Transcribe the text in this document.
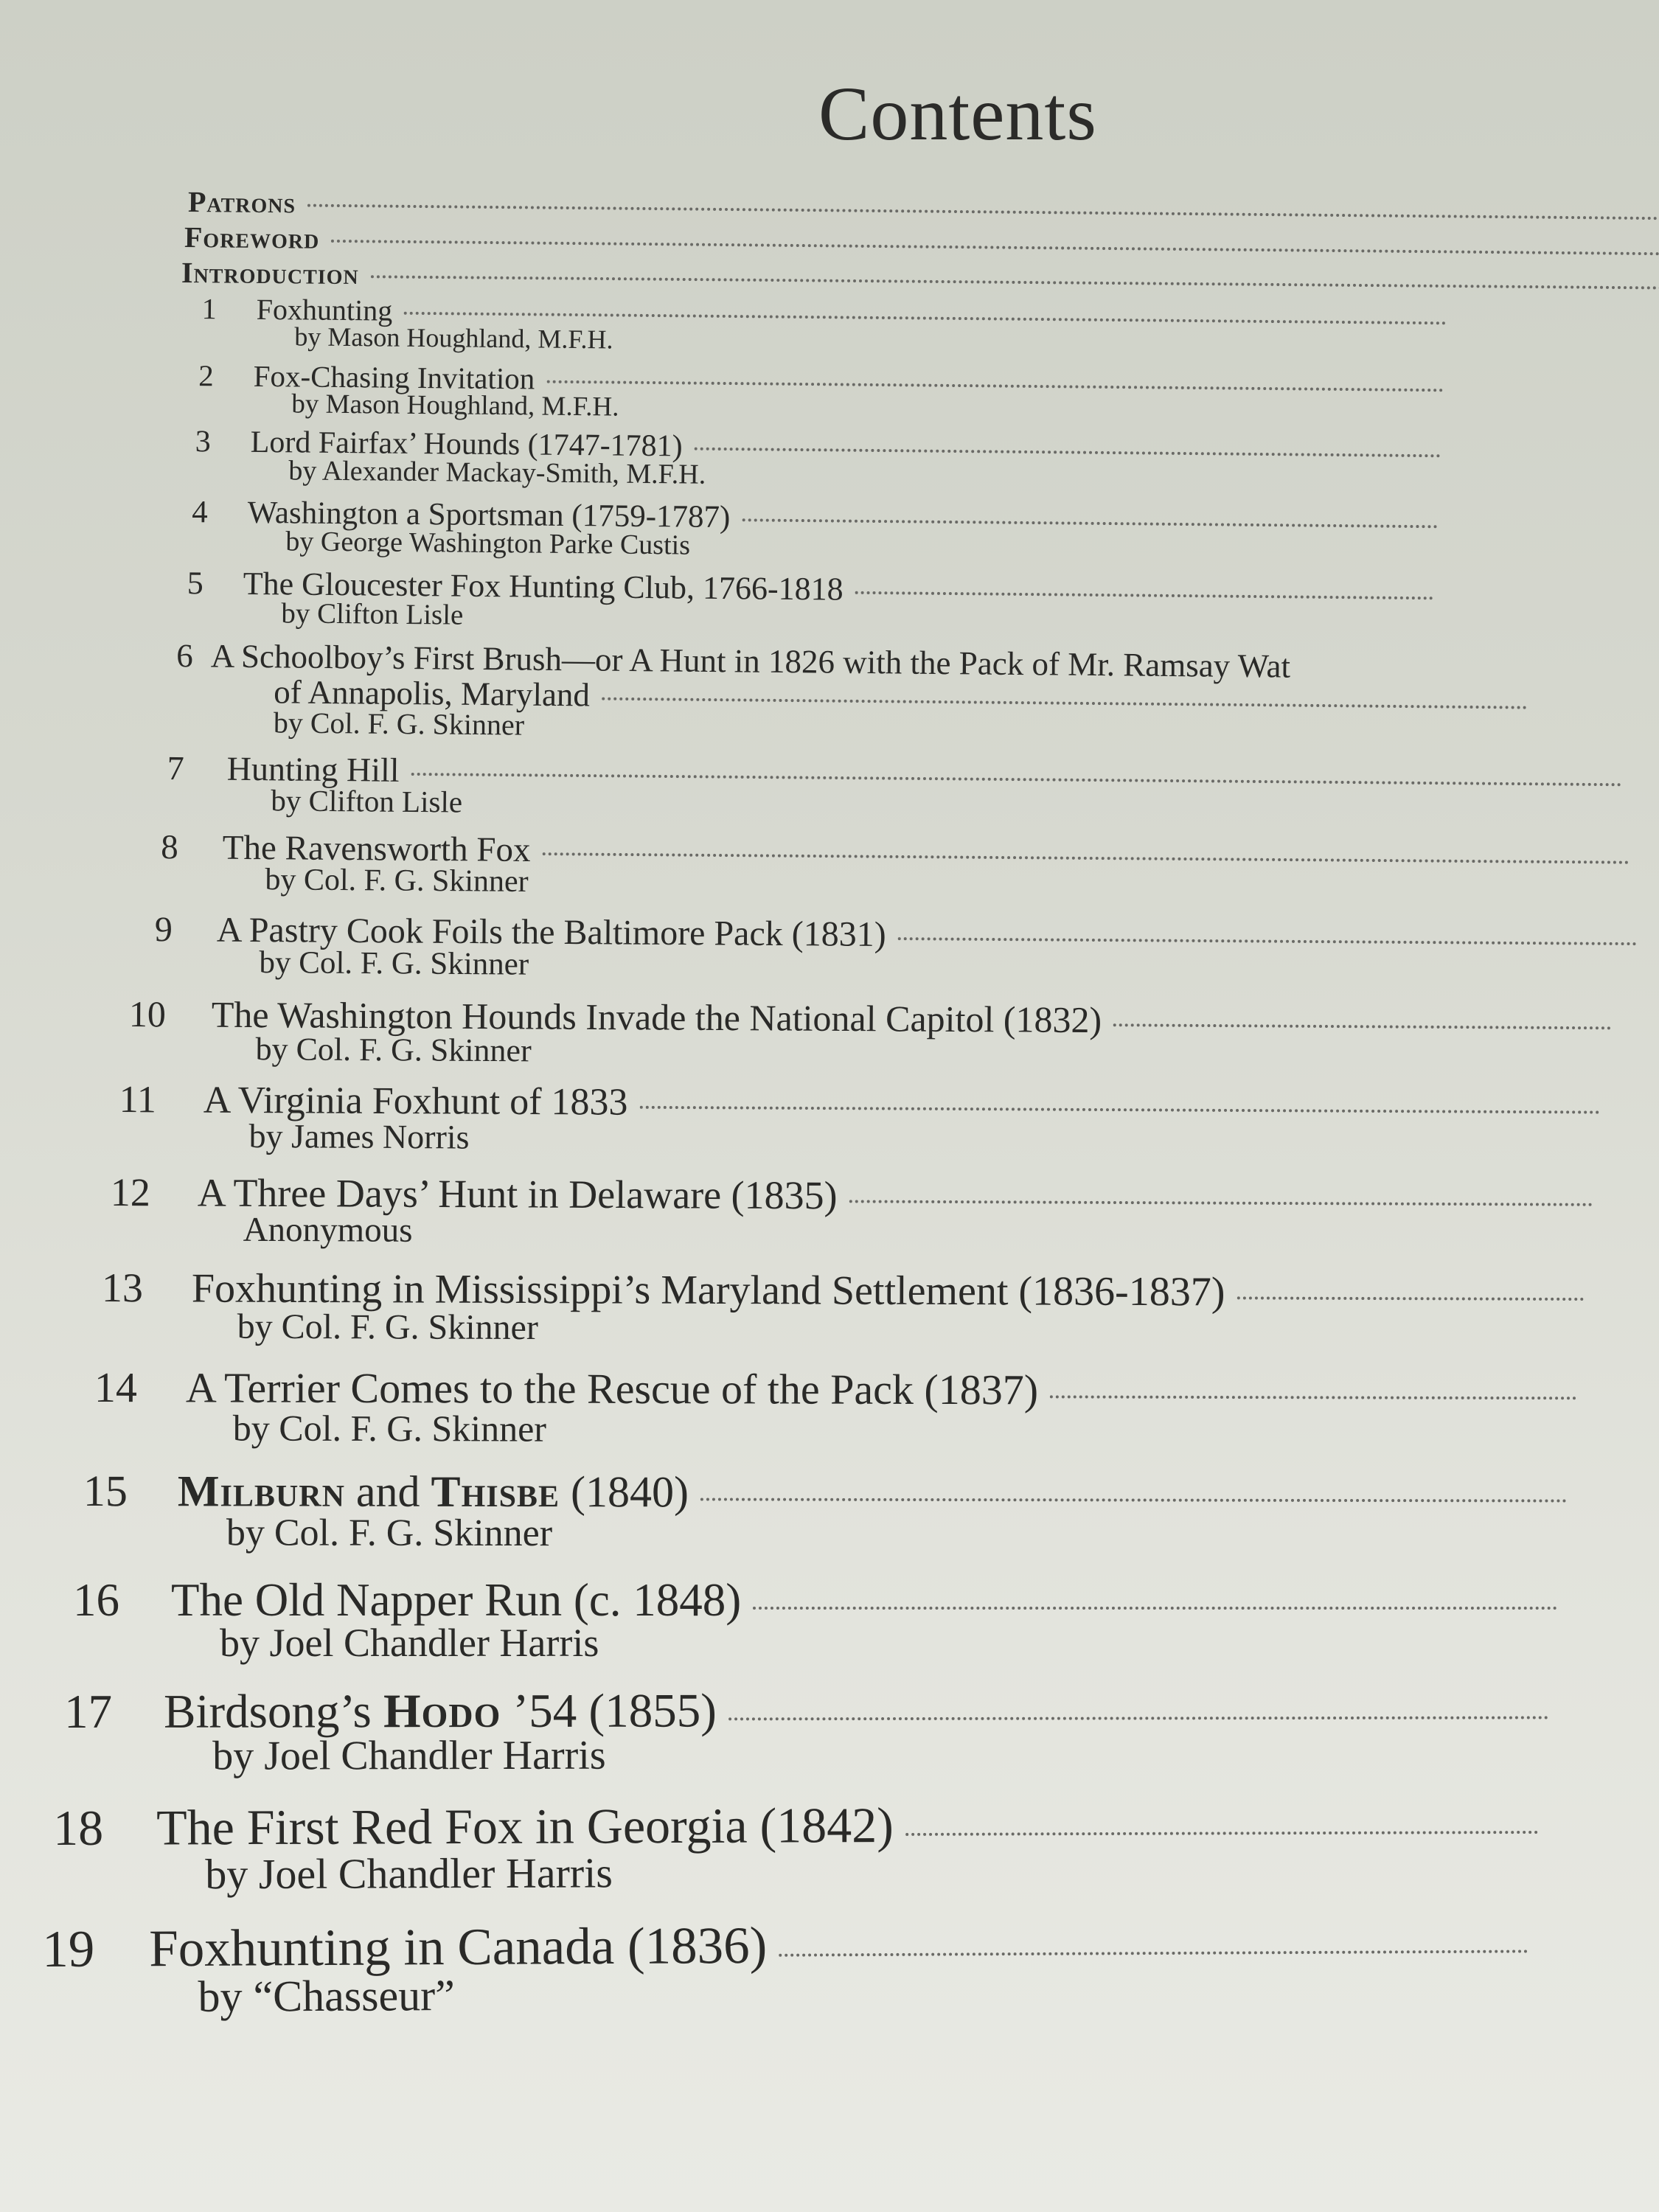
Contents
Patrons
Foreword
Introduction
1 Foxhunting
by Mason Houghland, M.F.H.
2 Fox-Chasing Invitation
by Mason Houghland, M.F.H.
3 Lord Fairfax’ Hounds (1747-1781)
by Alexander Mackay-Smith, M.F.H.
4 Washington a Sportsman (1759-1787)
by George Washington Parke Custis
5 The Gloucester Fox Hunting Club, 1766-1818
by Clifton Lisle
6 A Schoolboy’s First Brush—or A Hunt in 1826 with the Pack of Mr. Ramsay Wat
of Annapolis, Maryland
by Col. F. G. Skinner
7 Hunting Hill
by Clifton Lisle
8 The Ravensworth Fox
by Col. F. G. Skinner
9 A Pastry Cook Foils the Baltimore Pack (1831)
by Col. F. G. Skinner
10 The Washington Hounds Invade the National Capitol (1832)
by Col. F. G. Skinner
11 A Virginia Foxhunt of 1833
by James Norris
12 A Three Days’ Hunt in Delaware (1835)
Anonymous
13 Foxhunting in Mississippi’s Maryland Settlement (1836-1837)
by Col. F. G. Skinner
14 A Terrier Comes to the Rescue of the Pack (1837)
by Col. F. G. Skinner
15 Milburn and Thisbe (1840)
by Col. F. G. Skinner
16 The Old Napper Run (c. 1848)
by Joel Chandler Harris
17 Birdsong’s Hodo ’54 (1855)
by Joel Chandler Harris
18 The First Red Fox in Georgia (1842)
by Joel Chandler Harris
19 Foxhunting in Canada (1836)
by “Chasseur”
